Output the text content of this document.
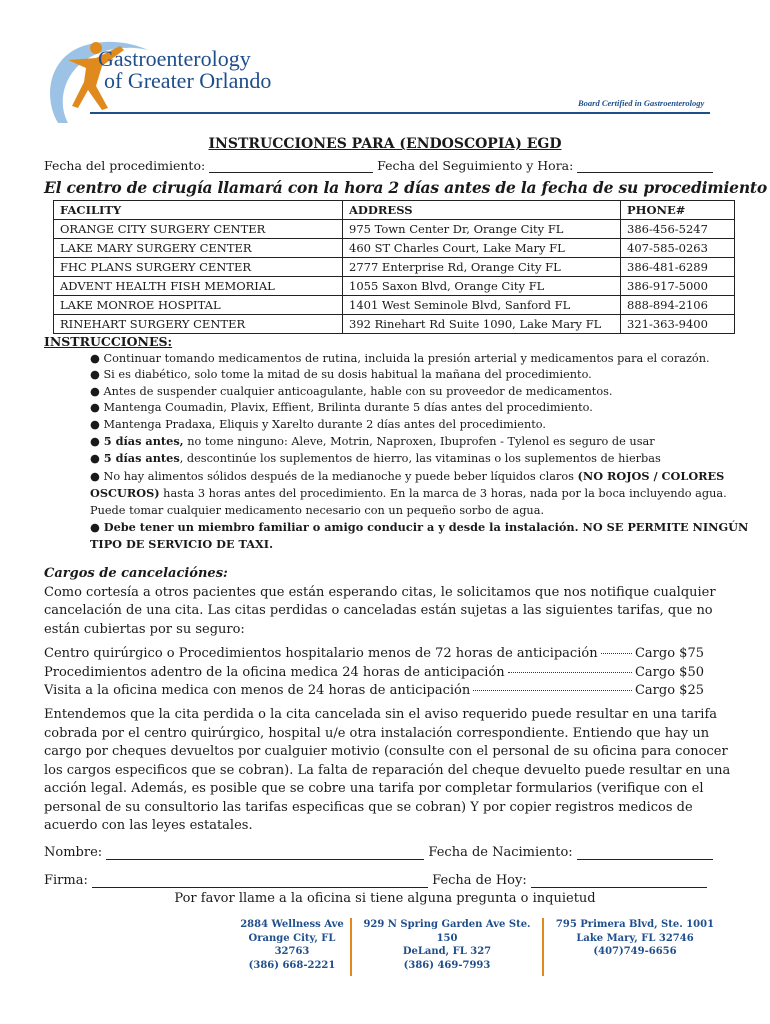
Gastroenterology
of Greater Orlando
Board Certified in Gastroenterology
INSTRUCCIONES PARA (ENDOSCOPIA) EGD
Fecha del procedimiento:	Fecha del Seguimiento y Hora:
El centro de cirugía llamará con la hora 2 días antes de la fecha de su procedimiento
FACILITY	ADDRESS	PHONE#
ORANGE CITY SURGERY CENTER	975 Town Center Dr, Orange City FL	386-456-5247
LAKE MARY SURGERY CENTER	460 ST Charles Court, Lake Mary FL	407-585-0263
FHC PLANS SURGERY CENTER	2777 Enterprise Rd, Orange City FL	386-481-6289
ADVENT HEALTH FISH MEMORIAL	1055 Saxon Blvd, Orange City FL	386-917-5000
LAKE MONROE HOSPITAL	1401 West Seminole Blvd, Sanford FL	888-894-2106
RINEHART SURGERY CENTER	392 Rinehart Rd Suite 1090, Lake Mary FL	321-363-9400
INSTRUCCIONES:
● Continuar tomando medicamentos de rutina, incluida la presión arterial y medicamentos para el corazón.
● Si es diabético, solo tome la mitad de su dosis habitual la mañana del procedimiento.
● Antes de suspender cualquier anticoagulante, hable con su proveedor de medicamentos.
● Mantenga Coumadin, Plavix, Effient, Brilinta durante 5 días antes del procedimiento.
● Mantenga Pradaxa, Eliquis y Xarelto durante 2 días antes del procedimiento.
● 5 días antes, no tome ninguno: Aleve, Motrin, Naproxen, Ibuprofen - Tylenol es seguro de usar
● 5 días antes, descontinúe los suplementos de hierro, las vitaminas o los suplementos de hierbas
● No hay alimentos sólidos después de la medianoche y puede beber líquidos claros (NO ROJOS / COLORES OSCUROS) hasta 3 horas antes del procedimiento. En la marca de 3 horas, nada por la boca incluyendo agua. Puede tomar cualquier medicamento necesario con un pequeño sorbo de agua.
● Debe tener un miembro familiar o amigo conducir a y desde la instalación. NO SE PERMITE NINGÚN TIPO DE SERVICIO DE TAXI.
Cargos de cancelaciónes:
Como cortesía a otros pacientes que están esperando citas, le solicitamos que nos notifique cualquier cancelación de una cita. Las citas perdidas o canceladas están sujetas a las siguientes tarifas, que no están cubiertas por su seguro:
Centro quirúrgico o Procedimientos hospitalario menos de 72 horas de anticipación	Cargo $75
Procedimientos adentro de la oficina medica 24 horas de anticipación	Cargo $50
Visita a la oficina medica con menos de 24 horas de anticipación	Cargo $25
Entendemos que la cita perdida o la cita cancelada sin el aviso requerido puede resultar en una tarifa cobrada por el centro quirúrgico, hospital u/e otra instalación correspondiente. Entiendo que hay un cargo por cheques devueltos por cualguier motivio (consulte con el personal de su oficina para conocer los cargos especificos que se cobran). La falta de reparación del cheque devuelto puede resultar en una acción legal. Además, es posible que se cobre una tarifa por completar formularios (verifique con el personal de su consultorio las tarifas especificas que se cobran) Y por copier registros medicos de acuerdo con las leyes estatales.
Nombre:	Fecha de Nacimiento:
Firma:	Fecha de Hoy:
Por favor llame a la oficina si tiene alguna pregunta o inquietud
2884 Wellness Ave
Orange City, FL
32763
(386) 668-2221
929 N Spring Garden Ave Ste. 150
DeLand, FL 327
(386) 469-7993
795 Primera Blvd, Ste. 1001
Lake Mary, FL 32746
(407)749-6656
